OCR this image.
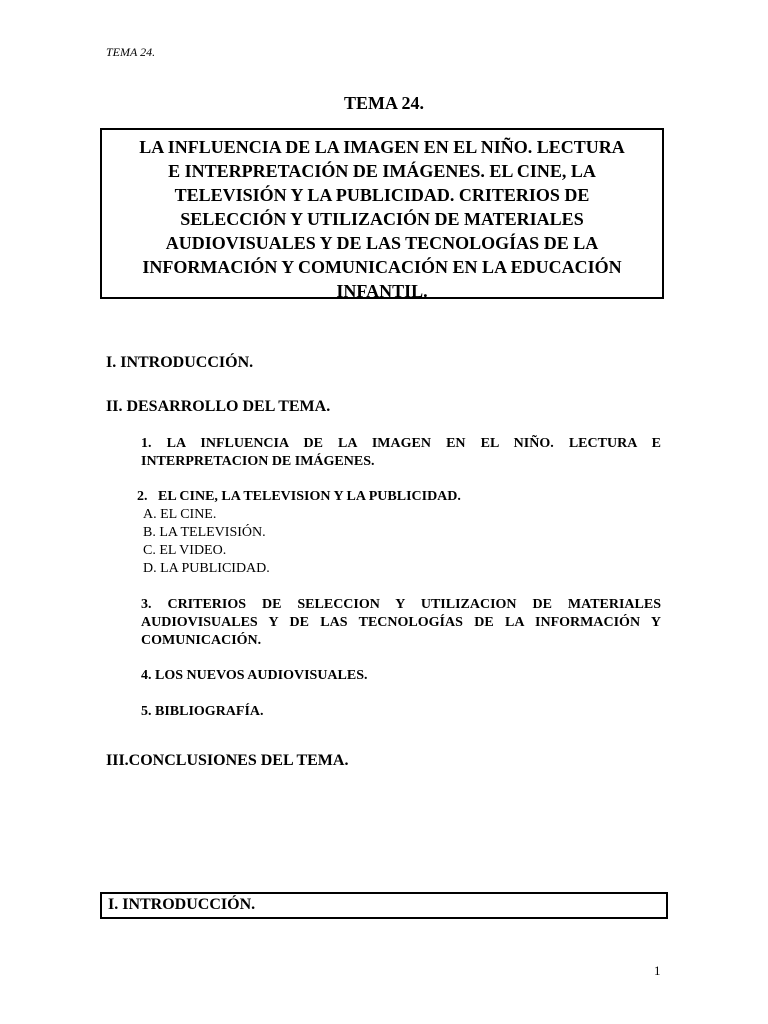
TEMA 24.
TEMA 24.
LA INFLUENCIA DE LA IMAGEN EN EL NIÑO. LECTURA
E INTERPRETACIÓN DE IMÁGENES. EL CINE, LA
TELEVISIÓN Y LA PUBLICIDAD. CRITERIOS DE
SELECCIÓN Y UTILIZACIÓN DE MATERIALES
AUDIOVISUALES Y DE LAS TECNOLOGÍAS DE LA
INFORMACIÓN Y COMUNICACIÓN EN LA EDUCACIÓN
INFANTIL.
I. INTRODUCCIÓN.
II. DESARROLLO DEL TEMA.
1. LA INFLUENCIA DE LA IMAGEN EN EL NIÑO. LECTURA E
INTERPRETACION DE IMÁGENES.
2.   EL CINE, LA TELEVISION Y LA PUBLICIDAD.
A. EL CINE.
B. LA TELEVISIÓN.
C. EL VIDEO.
D. LA PUBLICIDAD.
3. CRITERIOS DE SELECCION Y UTILIZACION DE MATERIALES
AUDIOVISUALES Y DE LAS TECNOLOGÍAS DE LA INFORMACIÓN Y
COMUNICACIÓN.
4. LOS NUEVOS AUDIOVISUALES.
5. BIBLIOGRAFÍA.
III.CONCLUSIONES DEL TEMA.
I. INTRODUCCIÓN.
1
